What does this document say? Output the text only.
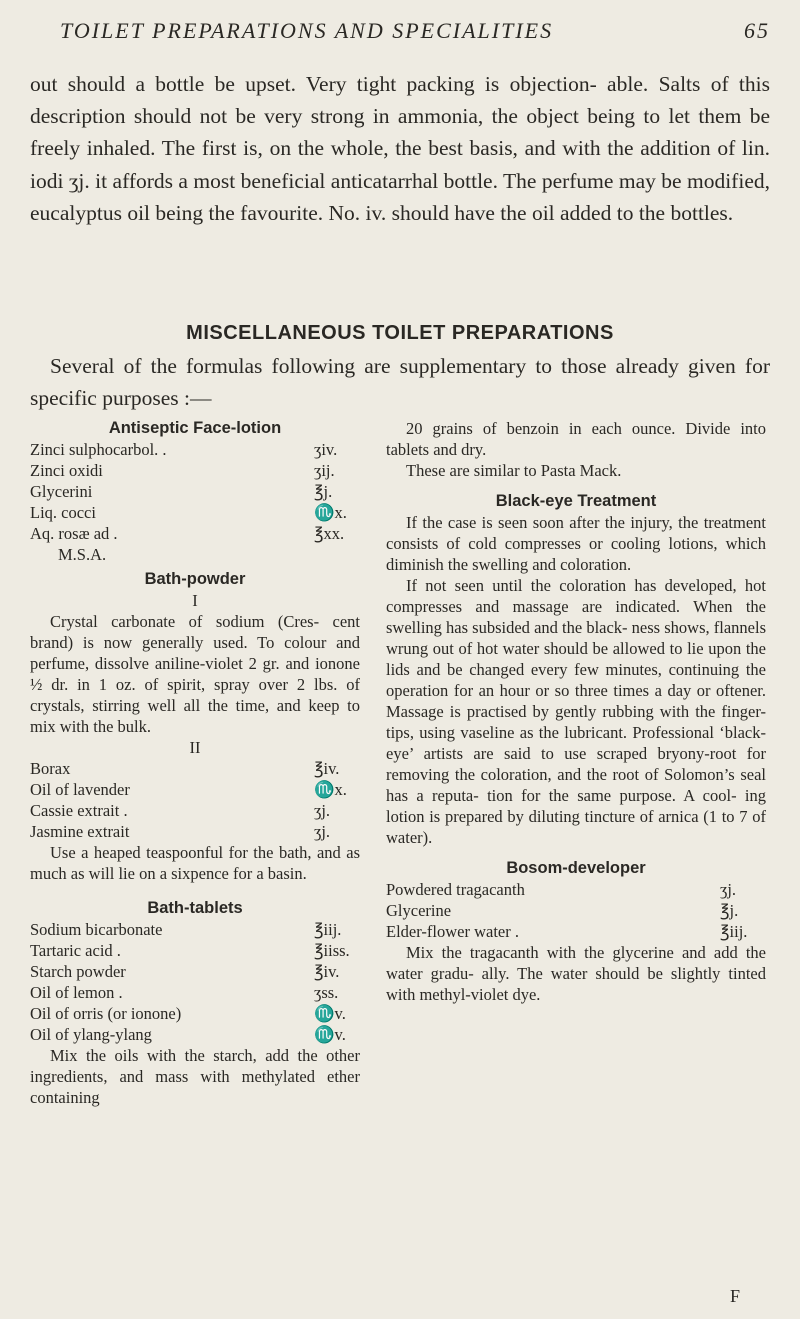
TOILET PREPARATIONS AND SPECIALITIES	65

out should a bottle be upset. Very tight packing is objection- able. Salts of this description should not be very strong in ammonia, the object being to let them be freely inhaled. The first is, on the whole, the best basis, and with the addition of lin. iodi ʒj. it affords a most beneficial anticatarrhal bottle. The perfume may be modified, eucalyptus oil being the favourite. No. iv. should have the oil added to the bottles.

MISCELLANEOUS TOILET PREPARATIONS

Several of the formulas following are supplementary to those already given for specific purposes :—

Antiseptic Face-lotion

Zinci sulphocarbol. .	ʒiv.
Zinci oxidi	ʒij.
Glycerini	℥j.
Liq. cocci	♏x.
Aq. rosæ ad .	℥xx.
M.S.A.

Bath-powder

I

Crystal carbonate of sodium (Cres- cent brand) is now generally used. To colour and perfume, dissolve aniline-violet 2 gr. and ionone ½ dr. in 1 oz. of spirit, spray over 2 lbs. of crystals, stirring well all the time, and keep to mix with the bulk.

II
Borax	℥iv.
Oil of lavender	♏x.
Cassie extrait .	ʒj.
Jasmine extrait	ʒj.

Use a heaped teaspoonful for the bath, and as much as will lie on a sixpence for a basin.

Bath-tablets

Sodium bicarbonate	℥iij.
Tartaric acid .	℥iiss.
Starch powder	℥iv.
Oil of lemon .	ʒss.
Oil of orris (or ionone)	♏v.
Oil of ylang-ylang	♏v.

Mix the oils with the starch, add the other ingredients, and mass with methylated ether containing

20 grains of benzoin in each ounce. Divide into tablets and dry.

These are similar to Pasta Mack.

Black-eye Treatment

If the case is seen soon after the injury, the treatment consists of cold compresses or cooling lotions, which diminish the swelling and coloration.

If not seen until the coloration has developed, hot compresses and massage are indicated. When the swelling has subsided and the black- ness shows, flannels wrung out of hot water should be allowed to lie upon the lids and be changed every few minutes, continuing the operation for an hour or so three times a day or oftener. Massage is practised by gently rubbing with the finger- tips, using vaseline as the lubricant. Professional ‘black-eye’ artists are said to use scraped bryony-root for removing the coloration, and the root of Solomon’s seal has a reputa- tion for the same purpose. A cool- ing lotion is prepared by diluting tincture of arnica (1 to 7 of water).

Bosom-developer

Powdered tragacanth	ʒj.
Glycerine	℥j.
Elder-flower water .	℥iij.

Mix the tragacanth with the glycerine and add the water gradu- ally. The water should be slightly tinted with methyl-violet dye.

F
